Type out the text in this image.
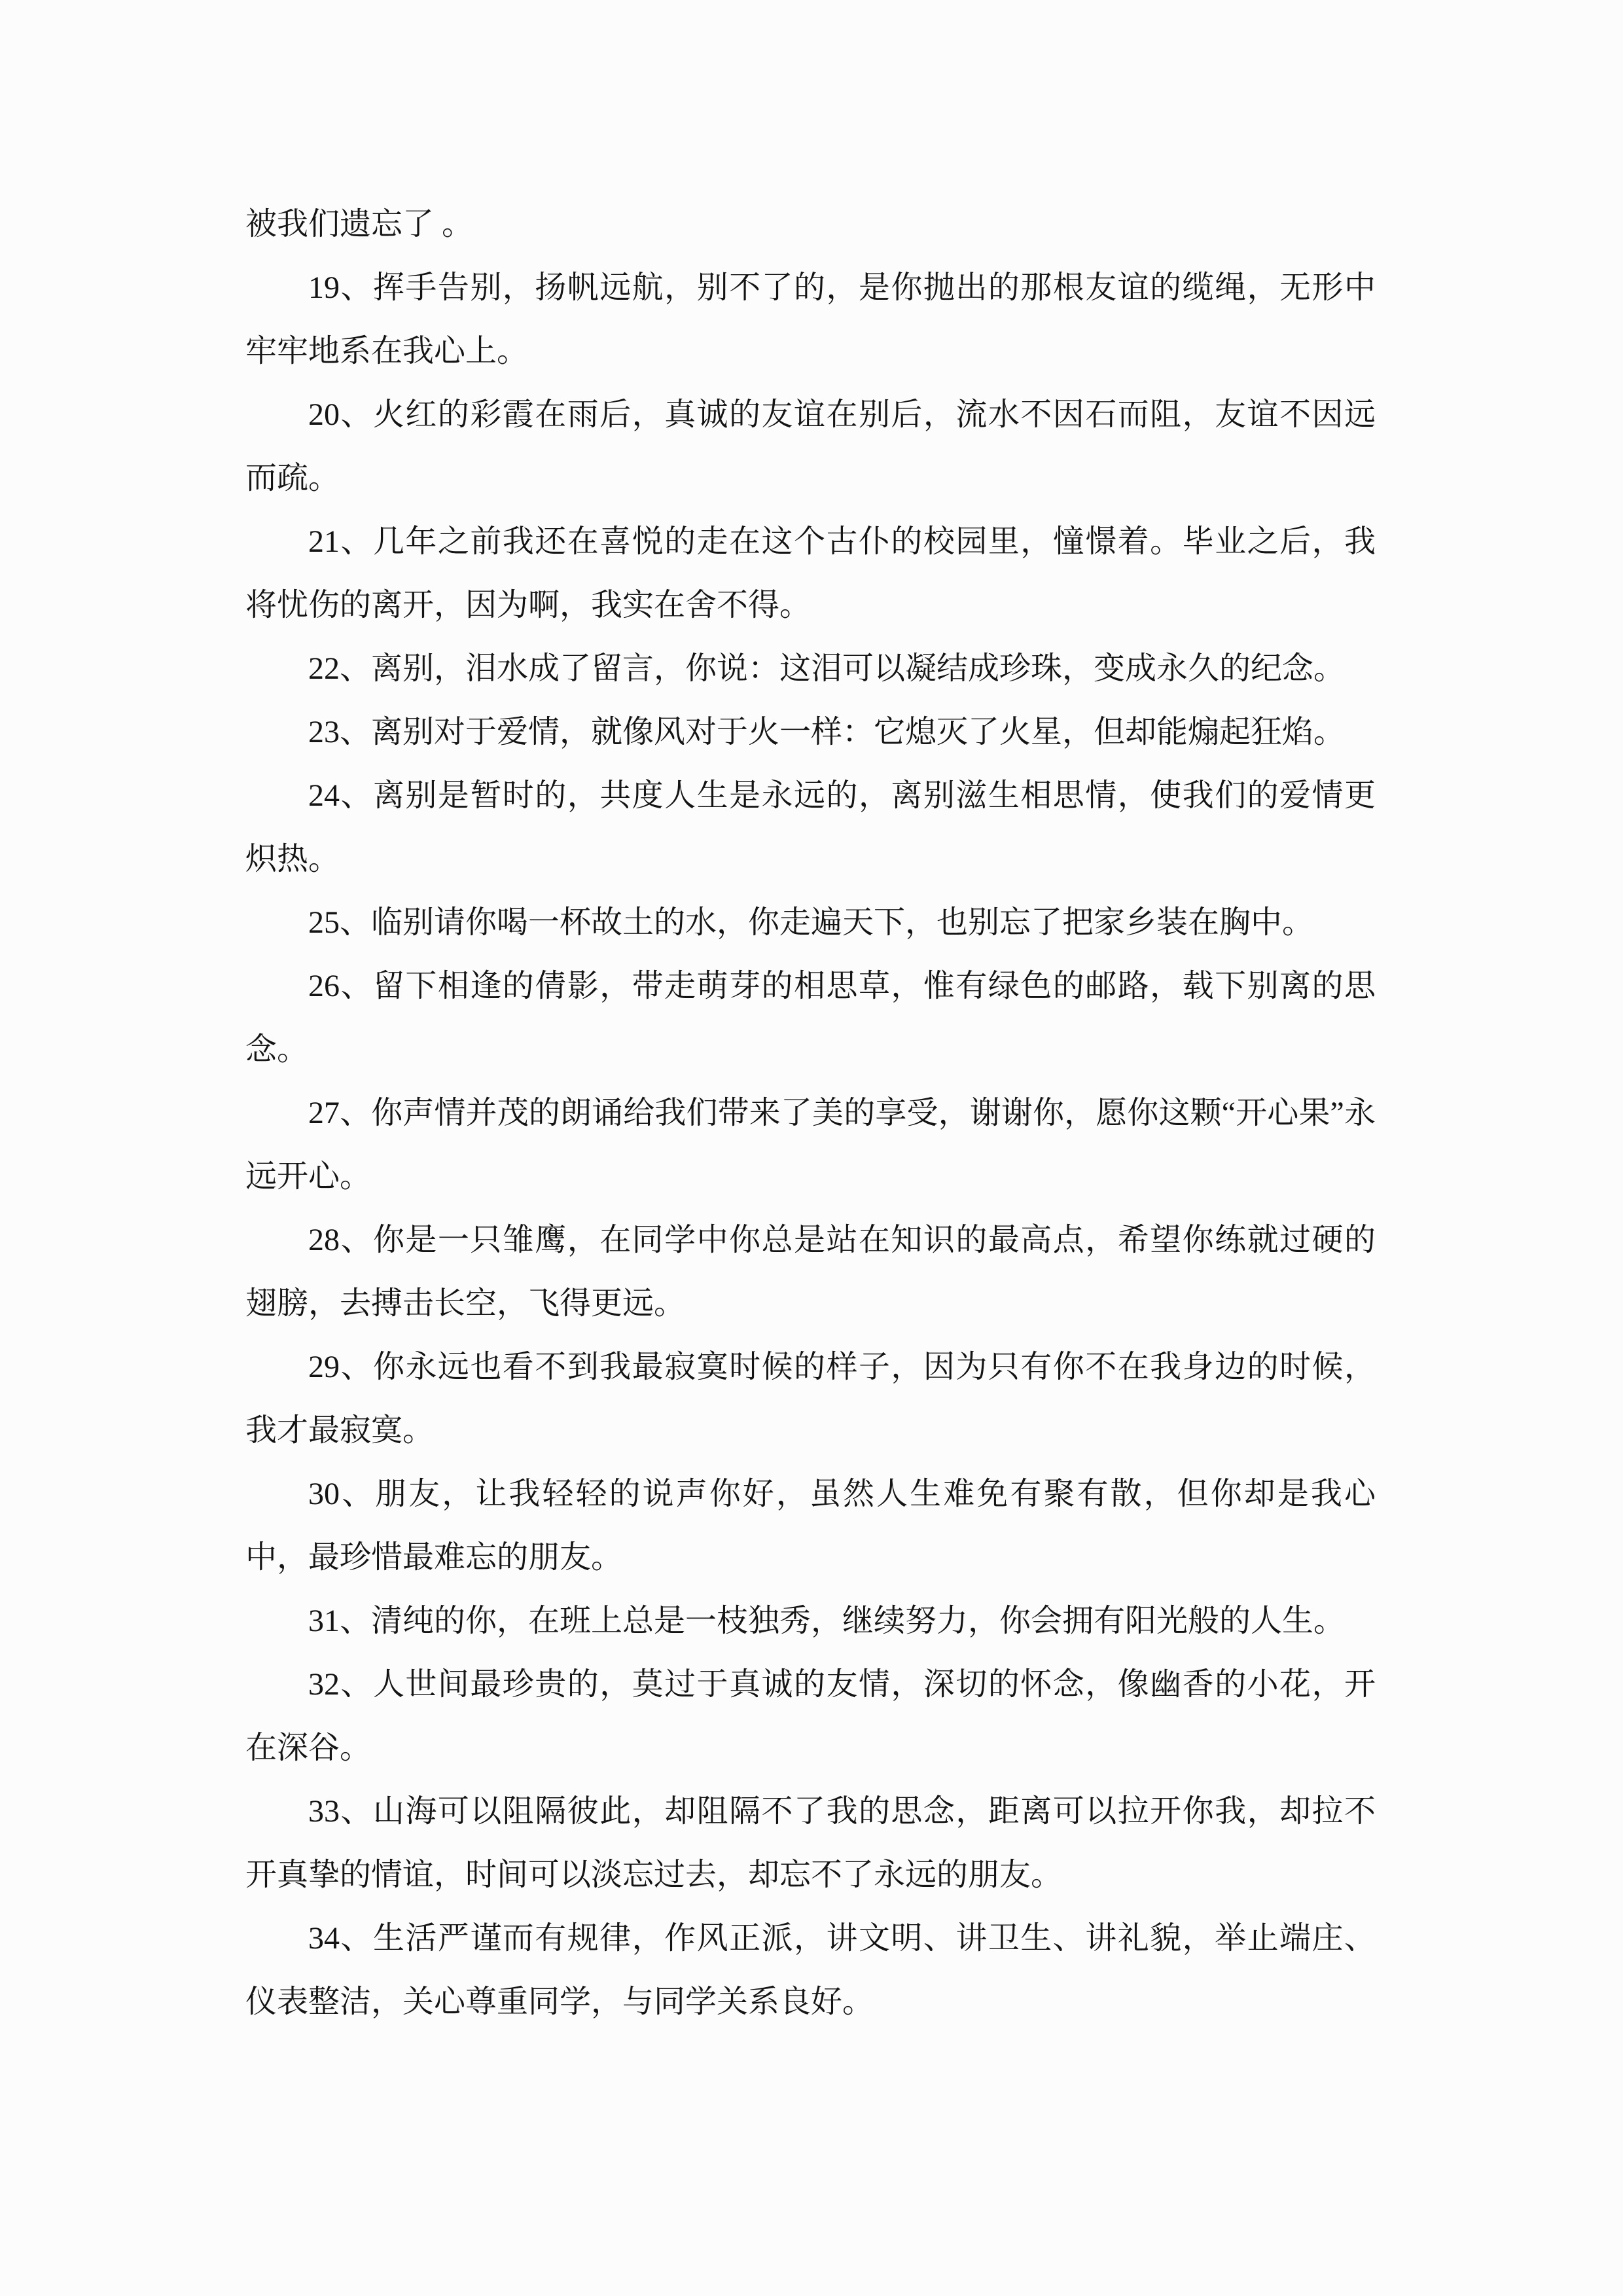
被我们遗忘了 。

19、挥手告别，扬帆远航，别不了的，是你抛出的那根友谊的缆绳，无形中牢牢地系在我心上。

20、火红的彩霞在雨后，真诚的友谊在别后，流水不因石而阻，友谊不因远而疏。

21、几年之前我还在喜悦的走在这个古仆的校园里，憧憬着。毕业之后，我将忧伤的离开，因为啊，我实在舍不得。

22、离别，泪水成了留言，你说：这泪可以凝结成珍珠，变成永久的纪念。

23、离别对于爱情，就像风对于火一样：它熄灭了火星，但却能煽起狂焰。

24、离别是暂时的，共度人生是永远的，离别滋生相思情，使我们的爱情更炽热。

25、临别请你喝一杯故土的水，你走遍天下，也别忘了把家乡装在胸中。

26、留下相逢的倩影，带走萌芽的相思草，惟有绿色的邮路，载下别离的思念。

27、你声情并茂的朗诵给我们带来了美的享受，谢谢你，愿你这颗“开心果”永远开心。

28、你是一只雏鹰，在同学中你总是站在知识的最高点，希望你练就过硬的翅膀，去搏击长空，飞得更远。

29、你永远也看不到我最寂寞时候的样子，因为只有你不在我身边的时候，我才最寂寞。

30、朋友，让我轻轻的说声你好，虽然人生难免有聚有散，但你却是我心中，最珍惜最难忘的朋友。

31、清纯的你，在班上总是一枝独秀，继续努力，你会拥有阳光般的人生。

32、人世间最珍贵的，莫过于真诚的友情，深切的怀念，像幽香的小花，开在深谷。

33、山海可以阻隔彼此，却阻隔不了我的思念，距离可以拉开你我，却拉不开真挚的情谊，时间可以淡忘过去，却忘不了永远的朋友。

34、生活严谨而有规律，作风正派，讲文明、讲卫生、讲礼貌，举止端庄、仪表整洁，关心尊重同学，与同学关系良好。
